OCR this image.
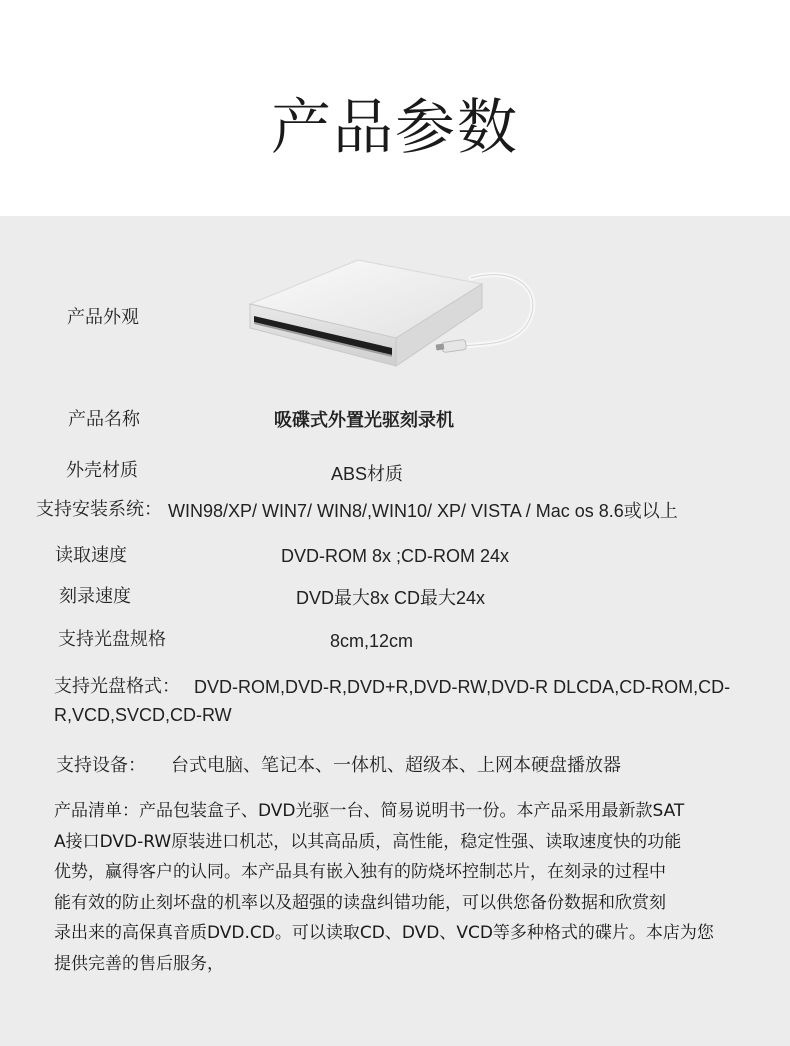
产品参数
产品外观
产品名称	吸碟式外置光驱刻录机
外壳材质	ABS材质
支持安装系统： WIN98/XP/ WIN7/ WIN8/,WIN10/ XP/ VISTA / Mac os 8.6或以上
读取速度	DVD-ROM 8x ;CD-ROM 24x
刻录速度	DVD最大8x CD最大24x
支持光盘规格	8cm,12cm
支持光盘格式： DVD-ROM,DVD-R,DVD+R,DVD-RW,DVD-R DLCDA,CD-ROM,CD-
R,VCD,SVCD,CD-RW
支持设备： 台式电脑、笔记本、一体机、超级本、上网本硬盘播放器
产品清单：产品包装盒子、DVD光驱一台、简易说明书一份。本产品采用最新款SAT
A接口DVD-RW原装进口机芯，以其高品质，高性能，稳定性强、读取速度快的功能
优势，赢得客户的认同。本产品具有嵌入独有的防烧坏控制芯片，在刻录的过程中
能有效的防止刻坏盘的机率以及超强的读盘纠错功能，可以供您备份数据和欣赏刻
录出来的高保真音质DVD.CD。可以读取CD、DVD、VCD等多种格式的碟片。本店为您
提供完善的售后服务，
